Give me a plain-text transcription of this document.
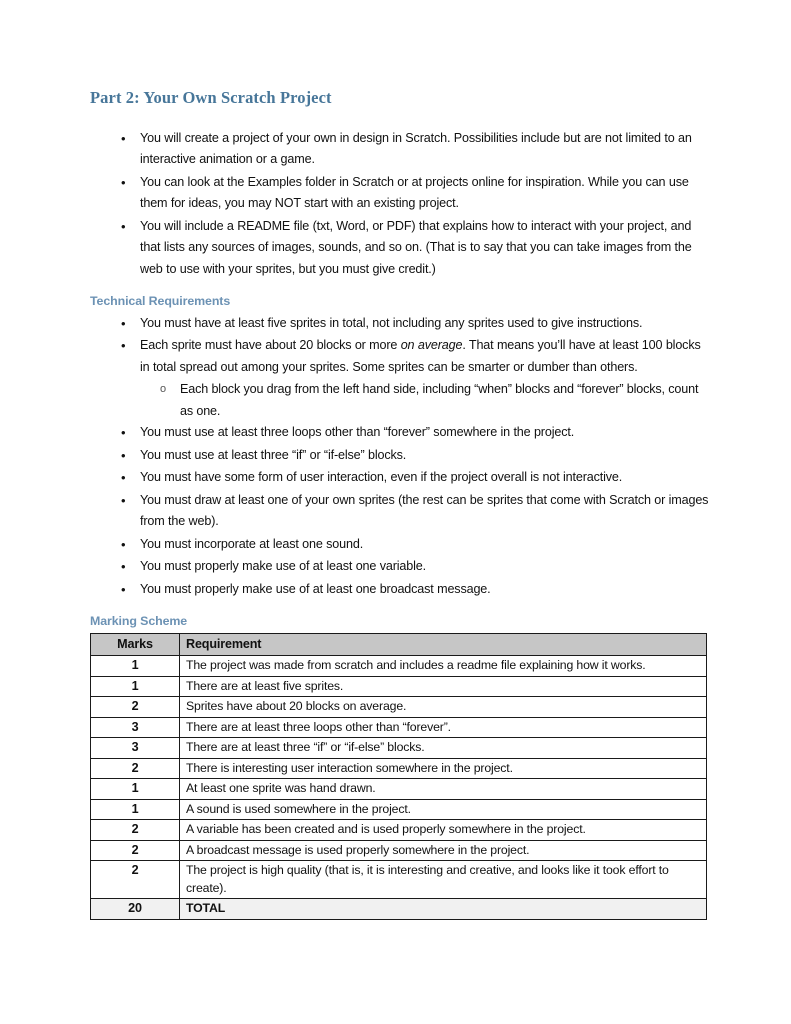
Part 2: Your Own Scratch Project
•	You will create a project of your own in design in Scratch. Possibilities include but are not limited to an interactive animation or a game.
•	You can look at the Examples folder in Scratch or at projects online for inspiration. While you can use them for ideas, you may NOT start with an existing project.
•	You will include a README file (txt, Word, or PDF) that explains how to interact with your project, and that lists any sources of images, sounds, and so on. (That is to say that you can take images from the web to use with your sprites, but you must give credit.)
Technical Requirements
•	You must have at least five sprites in total, not including any sprites used to give instructions.
•	Each sprite must have about 20 blocks or more on average. That means you’ll have at least 100 blocks in total spread out among your sprites. Some sprites can be smarter or dumber than others.
o	Each block you drag from the left hand side, including “when” blocks and “forever” blocks, count as one.
•	You must use at least three loops other than “forever” somewhere in the project.
•	You must use at least three “if” or “if-else” blocks.
•	You must have some form of user interaction, even if the project overall is not interactive.
•	You must draw at least one of your own sprites (the rest can be sprites that come with Scratch or images from the web).
•	You must incorporate at least one sound.
•	You must properly make use of at least one variable.
•	You must properly make use of at least one broadcast message.
Marking Scheme
Marks	Requirement
1	The project was made from scratch and includes a readme file explaining how it works.
1	There are at least five sprites.
2	Sprites have about 20 blocks on average.
3	There are at least three loops other than “forever”.
3	There are at least three “if” or “if-else” blocks.
2	There is interesting user interaction somewhere in the project.
1	At least one sprite was hand drawn.
1	A sound is used somewhere in the project.
2	A variable has been created and is used properly somewhere in the project.
2	A broadcast message is used properly somewhere in the project.
2	The project is high quality (that is, it is interesting and creative, and looks like it took effort to create).
20	TOTAL
